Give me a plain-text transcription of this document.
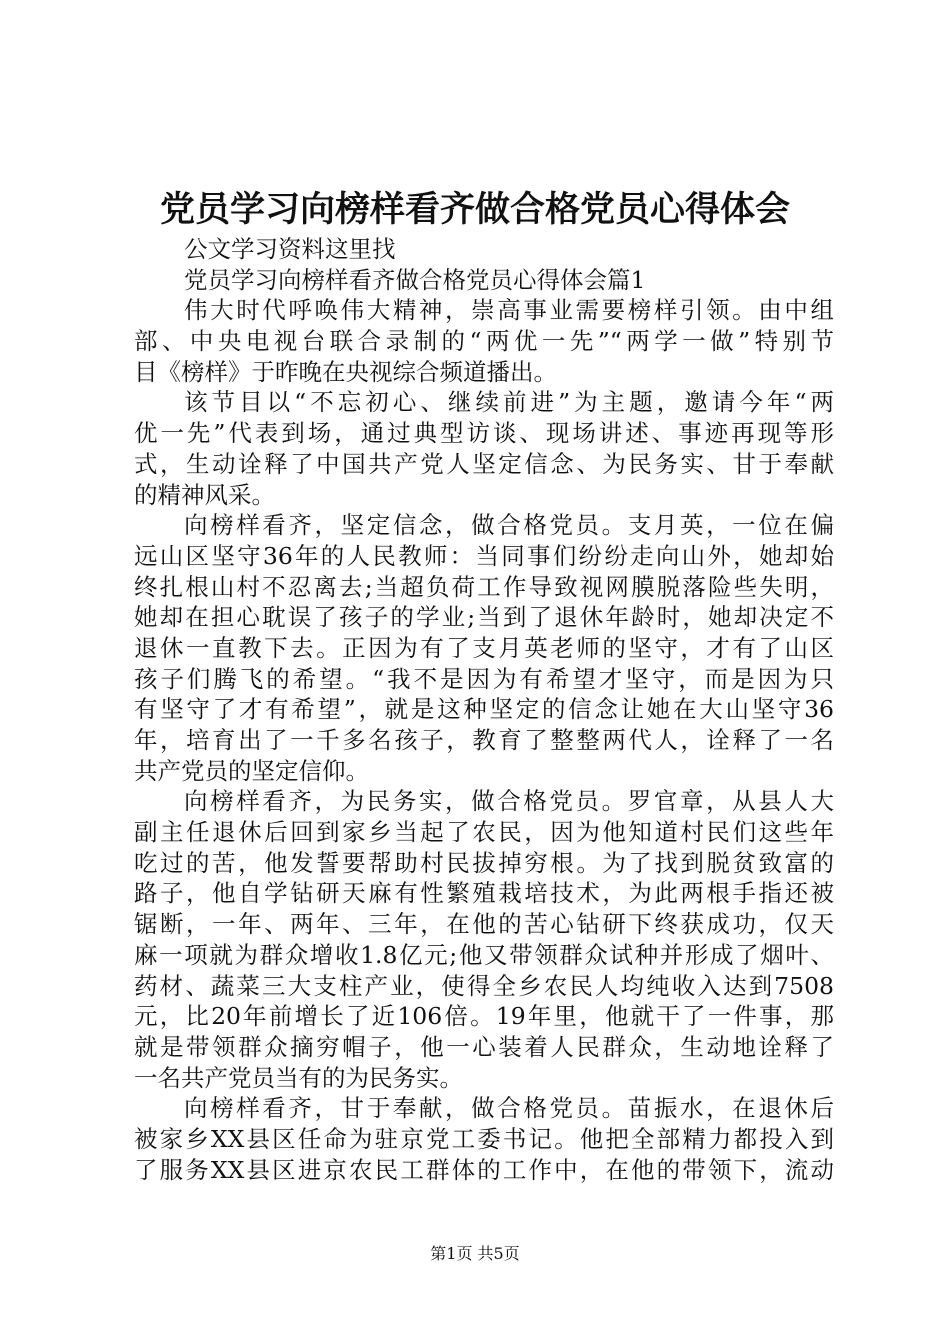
党员学习向榜样看齐做合格党员心得体会
公文学习资料这里找
党员学习向榜样看齐做合格党员心得体会篇1
伟大时代呼唤伟大精神，崇高事业需要榜样引领。由中组
部、中央电视台联合录制的“两优一先”“两学一做”特别节
目《榜样》于昨晚在央视综合频道播出。
该节目以“不忘初心、继续前进”为主题，邀请今年“两
优一先”代表到场，通过典型访谈、现场讲述、事迹再现等形
式，生动诠释了中国共产党人坚定信念、为民务实、甘于奉献
的精神风采。
向榜样看齐，坚定信念，做合格党员。支月英，一位在偏
远山区坚守36年的人民教师：当同事们纷纷走向山外，她却始
终扎根山村不忍离去;当超负荷工作导致视网膜脱落险些失明，
她却在担心耽误了孩子的学业;当到了退休年龄时，她却决定不
退休一直教下去。正因为有了支月英老师的坚守，才有了山区
孩子们腾飞的希望。“我不是因为有希望才坚守，而是因为只
有坚守了才有希望”，就是这种坚定的信念让她在大山坚守36
年，培育出了一千多名孩子，教育了整整两代人，诠释了一名
共产党员的坚定信仰。
向榜样看齐，为民务实，做合格党员。罗官章，从县人大
副主任退休后回到家乡当起了农民，因为他知道村民们这些年
吃过的苦，他发誓要帮助村民拔掉穷根。为了找到脱贫致富的
路子，他自学钻研天麻有性繁殖栽培技术，为此两根手指还被
锯断，一年、两年、三年，在他的苦心钻研下终获成功，仅天
麻一项就为群众增收1.8亿元;他又带领群众试种并形成了烟叶、
药材、蔬菜三大支柱产业，使得全乡农民人均纯收入达到7508
元，比20年前增长了近106倍。19年里，他就干了一件事，那
就是带领群众摘穷帽子，他一心装着人民群众，生动地诠释了
一名共产党员当有的为民务实。
向榜样看齐，甘于奉献，做合格党员。苗振水，在退休后
被家乡XX县区任命为驻京党工委书记。他把全部精力都投入到
了服务XX县区进京农民工群体的工作中，在他的带领下，流动
第1页 共5页
